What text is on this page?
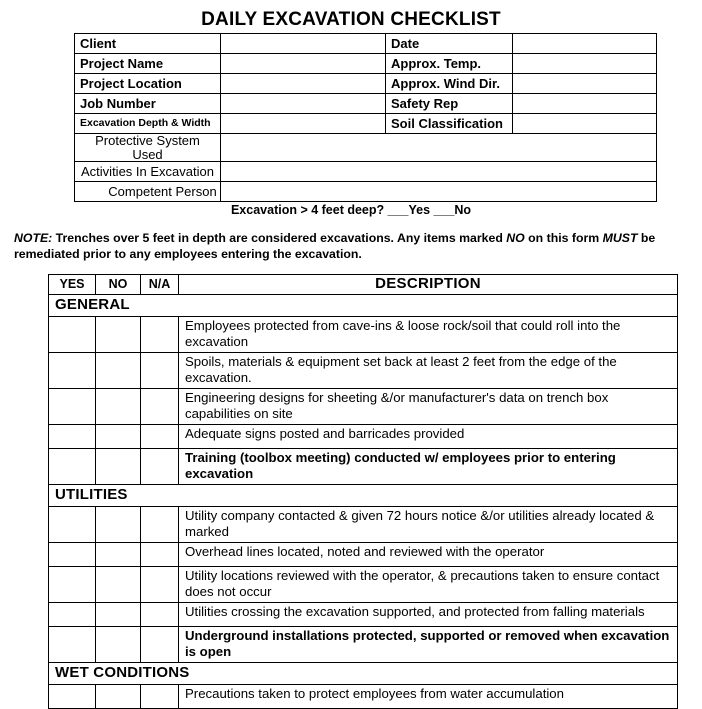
DAILY EXCAVATION CHECKLIST
Client		Date	
Project Name		Approx. Temp.	
Project Location		Approx. Wind Dir.	
Job Number		Safety Rep	
Excavation Depth & Width		Soil Classification	
Protective System Used			
Activities In Excavation			
Competent Person			
Excavation > 4 feet deep? ___Yes ___No
NOTE: Trenches over 5 feet in depth are considered excavations. Any items marked NO on this form MUST be remediated prior to any employees entering the excavation.
YES	NO	N/A	DESCRIPTION
GENERAL			
			Employees protected from cave-ins & loose rock/soil that could roll into the excavation
			Spoils, materials & equipment set back at least 2 feet from the edge of the excavation.
			Engineering designs for sheeting &/or manufacturer's data on trench box capabilities on site
			Adequate signs posted and barricades provided
			Training (toolbox meeting) conducted w/ employees prior to entering excavation
UTILITIES			
			Utility company contacted & given 72 hours notice &/or utilities already located & marked
			Overhead lines located, noted and reviewed with the operator
			Utility locations reviewed with the operator, & precautions taken to ensure contact does not occur
			Utilities crossing the excavation supported, and protected from falling materials
			Underground installations protected, supported or removed when excavation is open
WET CONDITIONS			
			Precautions taken to protect employees from water accumulation
